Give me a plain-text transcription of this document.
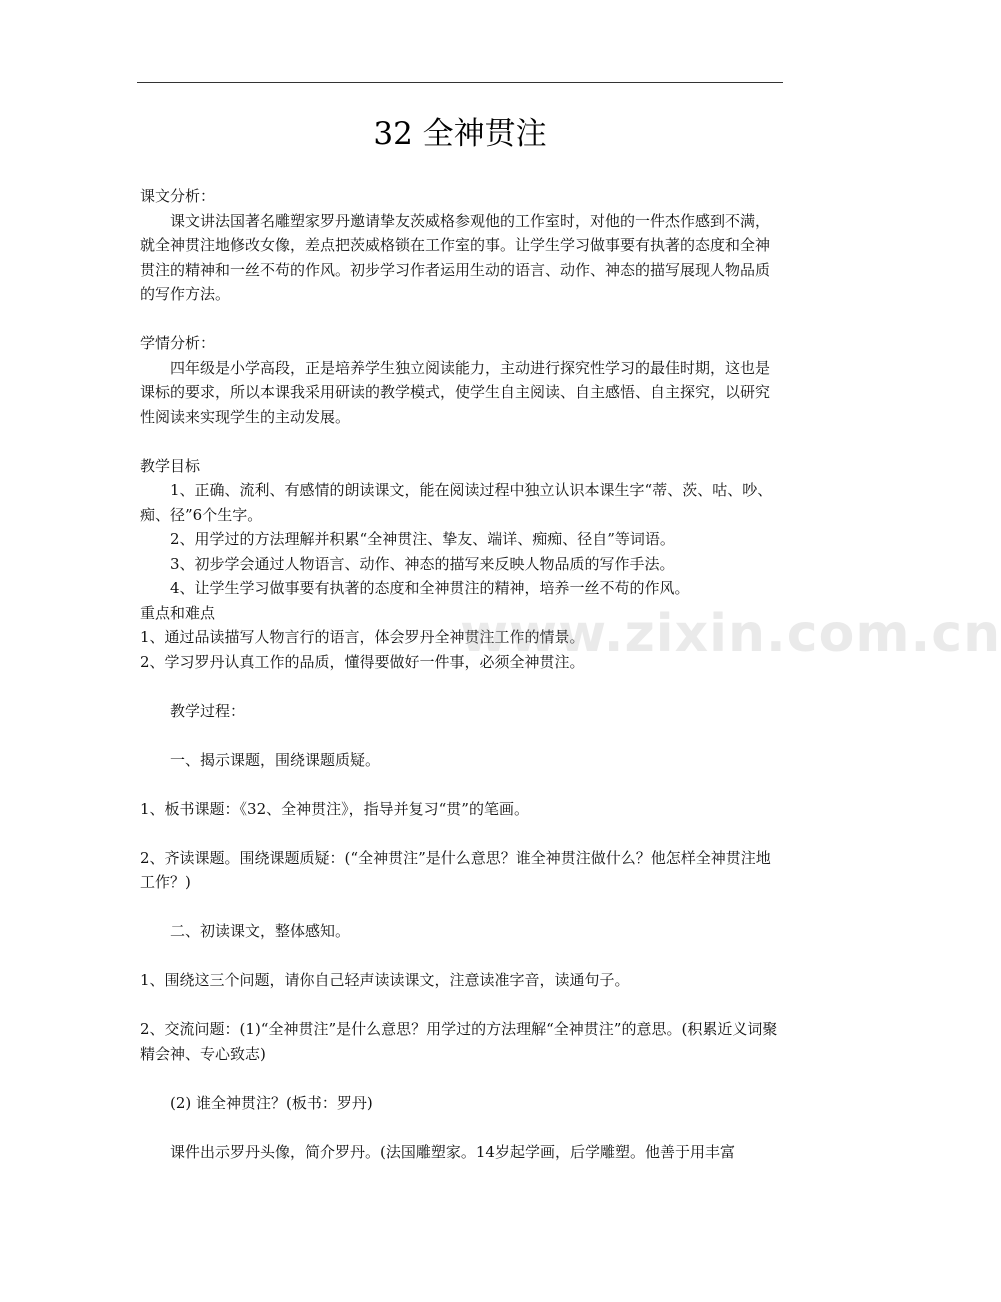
32 全神贯注

课文分析：

课文讲法国著名雕塑家罗丹邀请挚友茨威格参观他的工作室时，对他的一件杰作感到不满，就全神贯注地修改女像，差点把茨威格锁在工作室的事。让学生学习做事要有执著的态度和全神贯注的精神和一丝不苟的作风。初步学习作者运用生动的语言、动作、神态的描写展现人物品质的写作方法。

学情分析：

四年级是小学高段，正是培养学生独立阅读能力，主动进行探究性学习的最佳时期，这也是课标的要求，所以本课我采用研读的教学模式，使学生自主阅读、自主感悟、自主探究，以研究性阅读来实现学生的主动发展。

教学目标

1、正确、流利、有感情的朗读课文，能在阅读过程中独立认识本课生字“蒂、茨、咕、吵、痴、径”6个生字。

2、用学过的方法理解并积累“全神贯注、挚友、端详、痴痴、径自”等词语。

3、初步学会通过人物语言、动作、神态的描写来反映人物品质的写作手法。

4、让学生学习做事要有执著的态度和全神贯注的精神，培养一丝不苟的作风。

重点和难点

1、通过品读描写人物言行的语言，体会罗丹全神贯注工作的情景。

2、学习罗丹认真工作的品质，懂得要做好一件事，必须全神贯注。

教学过程：

一、揭示课题，围绕课题质疑。

1、板书课题：《32、全神贯注》，指导并复习“贯”的笔画。

2、齐读课题。围绕课题质疑：(“全神贯注”是什么意思？谁全神贯注做什么？他怎样全神贯注地工作？)

二、初读课文，整体感知。

1、围绕这三个问题，请你自己轻声读读课文，注意读准字音，读通句子。

2、交流问题：(1)“全神贯注”是什么意思？用学过的方法理解“全神贯注”的意思。(积累近义词聚精会神、专心致志)

(2) 谁全神贯注？(板书：罗丹)

课件出示罗丹头像，简介罗丹。(法国雕塑家。14岁起学画，后学雕塑。他善于用丰富

www.zixin.com.cn
